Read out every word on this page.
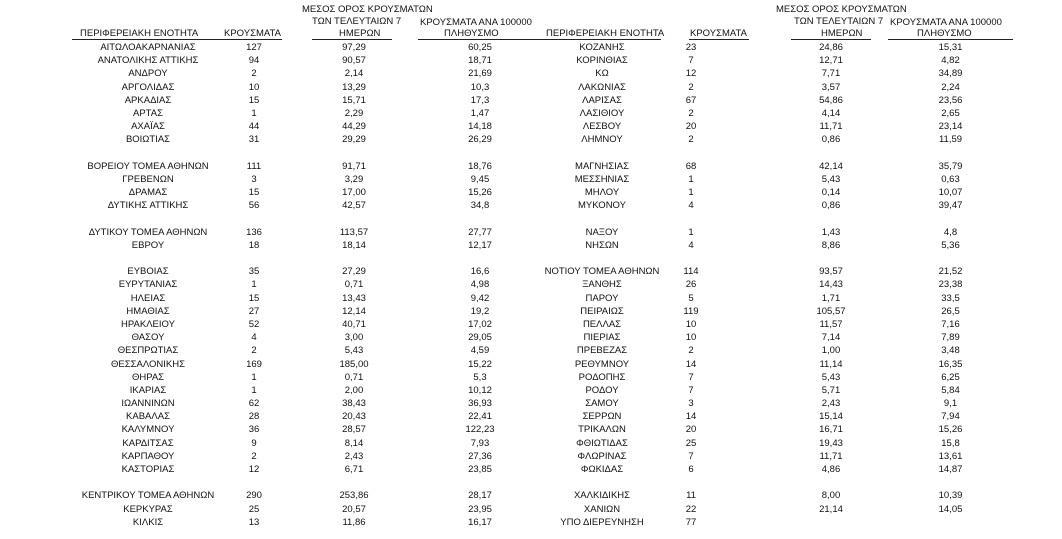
ΠΕΡΙΦΕΡΕΙΑΚΗ ΕΝΟΤΗΤΑ	ΚΡΟΥΣΜΑΤΑ
ΜΕΣΟΣ ΟΡΟΣ ΚΡΟΥΣΜΑΤΩΝ
ΤΩΝ ΤΕΛΕΥΤΑΙΩΝ 7
ΗΜΕΡΩΝ
ΚΡΟΥΣΜΑΤΑ ΑΝΑ 100000
ΠΛΗΘΥΣΜΟ
ΑΙΤΩΛΟΑΚΑΡΝΑΝΙΑΣ	127	97,29	60,25
ΑΝΑΤΟΛΙΚΗΣ ΑΤΤΙΚΗΣ	94	90,57	18,71
ΑΝΔΡΟΥ	2	2,14	21,69
ΑΡΓΟΛΙΔΑΣ	10	13,29	10,3
ΑΡΚΑΔΙΑΣ	15	15,71	17,3
ΑΡΤΑΣ	1	2,29	1,47
ΑΧΑΪΑΣ	44	44,29	14,18
ΒΟΙΩΤΙΑΣ	31	29,29	26,29
ΒΟΡΕΙΟΥ ΤΟΜΕΑ ΑΘΗΝΩΝ	111	91,71	18,76
ΓΡΕΒΕΝΩΝ	3	3,29	9,45
ΔΡΑΜΑΣ	15	17,00	15,26
ΔΥΤΙΚΗΣ ΑΤΤΙΚΗΣ	56	42,57	34,8
ΔΥΤΙΚΟΥ ΤΟΜΕΑ ΑΘΗΝΩΝ	136	113,57	27,77
ΕΒΡΟΥ	18	18,14	12,17
ΕΥΒΟΙΑΣ	35	27,29	16,6
ΕΥΡΥΤΑΝΙΑΣ	1	0,71	4,98
ΗΛΕΙΑΣ	15	13,43	9,42
ΗΜΑΘΙΑΣ	27	12,14	19,2
ΗΡΑΚΛΕΙΟΥ	52	40,71	17,02
ΘΑΣΟΥ	4	3,00	29,05
ΘΕΣΠΡΩΤΙΑΣ	2	5,43	4,59
ΘΕΣΣΑΛΟΝΙΚΗΣ	169	185,00	15,22
ΘΗΡΑΣ	1	0,71	5,3
ΙΚΑΡΙΑΣ	1	2,00	10,12
ΙΩΑΝΝΙΝΩΝ	62	38,43	36,93
ΚΑΒΑΛΑΣ	28	20,43	22,41
ΚΑΛΥΜΝΟΥ	36	28,57	122,23
ΚΑΡΔΙΤΣΑΣ	9	8,14	7,93
ΚΑΡΠΑΘΟΥ	2	2,43	27,36
ΚΑΣΤΟΡΙΑΣ	12	6,71	23,85
ΚΕΝΤΡΙΚΟΥ ΤΟΜΕΑ ΑΘΗΝΩΝ	290	253,86	28,17
ΚΕΡΚΥΡΑΣ	25	20,57	23,95
ΚΙΛΚΙΣ	13	11,86	16,17
ΠΕΡΙΦΕΡΕΙΑΚΗ ΕΝΟΤΗΤΑ	ΚΡΟΥΣΜΑΤΑ
ΜΕΣΟΣ ΟΡΟΣ ΚΡΟΥΣΜΑΤΩΝ
ΤΩΝ ΤΕΛΕΥΤΑΙΩΝ 7
ΗΜΕΡΩΝ
ΚΡΟΥΣΜΑΤΑ ΑΝΑ 100000
ΠΛΗΘΥΣΜΟ
ΚΟΖΑΝΗΣ	23	24,86	15,31
ΚΟΡΙΝΘΙΑΣ	7	12,71	4,82
ΚΩ	12	7,71	34,89
ΛΑΚΩΝΙΑΣ	2	3,57	2,24
ΛΑΡΙΣΑΣ	67	54,86	23,56
ΛΑΣΙΘΙΟΥ	2	4,14	2,65
ΛΕΣΒΟΥ	20	11,71	23,14
ΛΗΜΝΟΥ	2	0,86	11,59
ΜΑΓΝΗΣΙΑΣ	68	42,14	35,79
ΜΕΣΣΗΝΙΑΣ	1	5,43	0,63
ΜΗΛΟΥ	1	0,14	10,07
ΜΥΚΟΝΟΥ	4	0,86	39,47
ΝΑΞΟΥ	1	1,43	4,8
ΝΗΣΩΝ	4	8,86	5,36
ΝΟΤΙΟΥ ΤΟΜΕΑ ΑΘΗΝΩΝ	114	93,57	21,52
ΞΑΝΘΗΣ	26	14,43	23,38
ΠΑΡΟΥ	5	1,71	33,5
ΠΕΙΡΑΙΩΣ	119	105,57	26,5
ΠΕΛΛΑΣ	10	11,57	7,16
ΠΙΕΡΙΑΣ	10	7,14	7,89
ΠΡΕΒΕΖΑΣ	2	1,00	3,48
ΡΕΘΥΜΝΟΥ	14	11,14	16,35
ΡΟΔΟΠΗΣ	7	5,43	6,25
ΡΟΔΟΥ	7	5,71	5,84
ΣΑΜΟΥ	3	2,43	9,1
ΣΕΡΡΩΝ	14	15,14	7,94
ΤΡΙΚΑΛΩΝ	20	16,71	15,26
ΦΘΙΩΤΙΔΑΣ	25	19,43	15,8
ΦΛΩΡΙΝΑΣ	7	11,71	13,61
ΦΩΚΙΔΑΣ	6	4,86	14,87
ΧΑΛΚΙΔΙΚΗΣ	11	8,00	10,39
ΧΑΝΙΩΝ	22	21,14	14,05
ΥΠΟ ΔΙΕΡΕΥΝΗΣΗ	77
